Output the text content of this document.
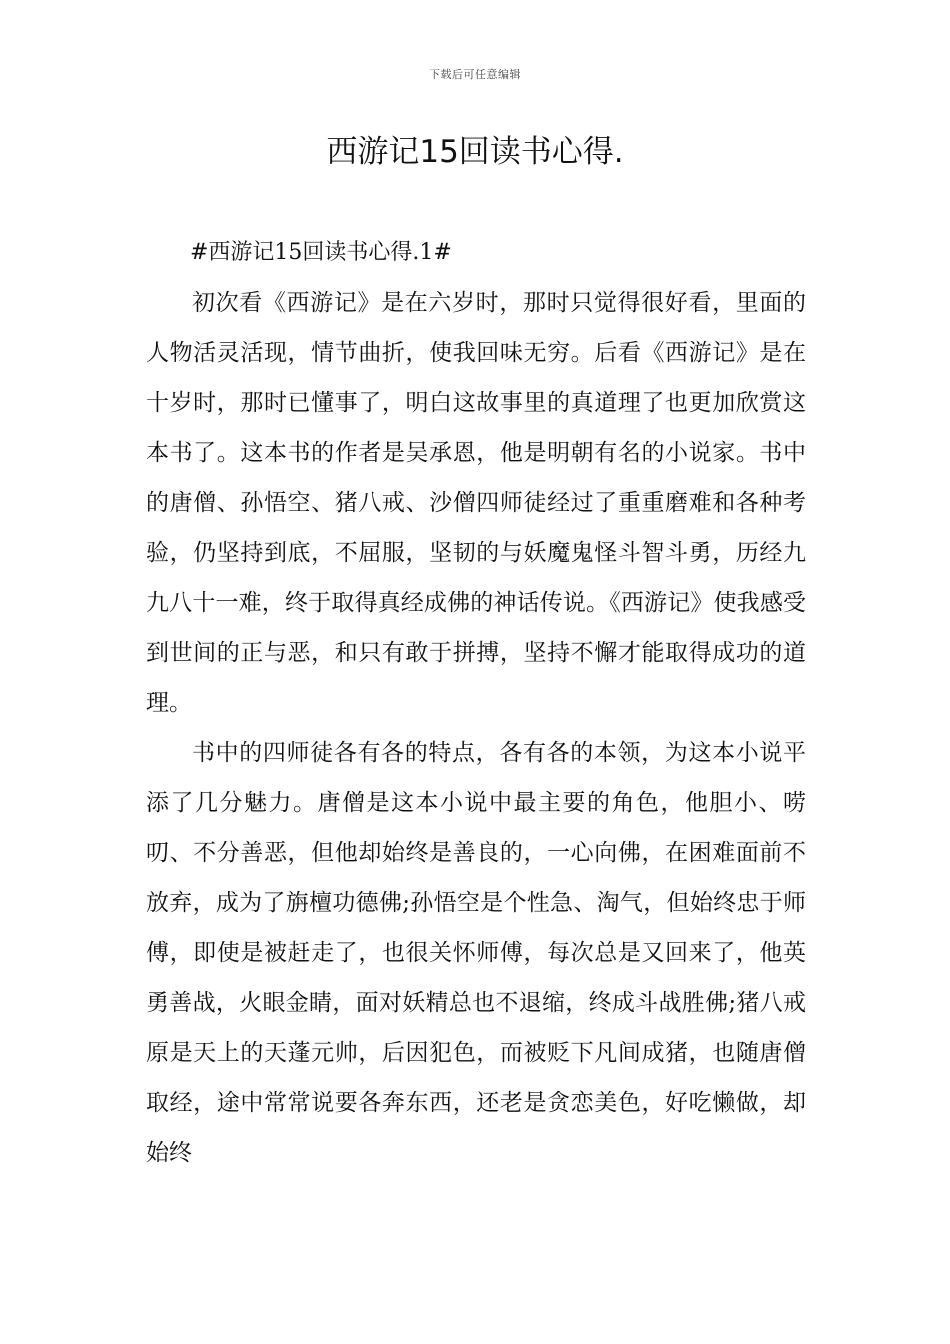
下载后可任意编辑
西游记15回读书心得.
#西游记15回读书心得.1#

初次看《西游记》是在六岁时，那时只觉得很好看，里面的人物活灵活现，情节曲折，使我回味无穷。后看《西游记》是在十岁时，那时已懂事了，明白这故事里的真道理了也更加欣赏这本书了。这本书的作者是吴承恩，他是明朝有名的小说家。书中的唐僧、孙悟空、猪八戒、沙僧四师徒经过了重重磨难和各种考验，仍坚持到底，不屈服，坚韧的与妖魔鬼怪斗智斗勇，历经九九八十一难，终于取得真经成佛的神话传说。《西游记》使我感受到世间的正与恶，和只有敢于拼搏，坚持不懈才能取得成功的道理。

书中的四师徒各有各的特点，各有各的本领，为这本小说平添了几分魅力。唐僧是这本小说中最主要的角色，他胆小、唠叨、不分善恶，但他却始终是善良的，一心向佛，在困难面前不放弃，成为了旃檀功德佛;孙悟空是个性急、淘气，但始终忠于师傅，即使是被赶走了，也很关怀师傅，每次总是又回来了，他英勇善战，火眼金睛，面对妖精总也不退缩，终成斗战胜佛;猪八戒原是天上的天蓬元帅，后因犯色，而被贬下凡间成猪，也随唐僧取经，途中常常说要各奔东西，还老是贪恋美色，好吃懒做，却始终
